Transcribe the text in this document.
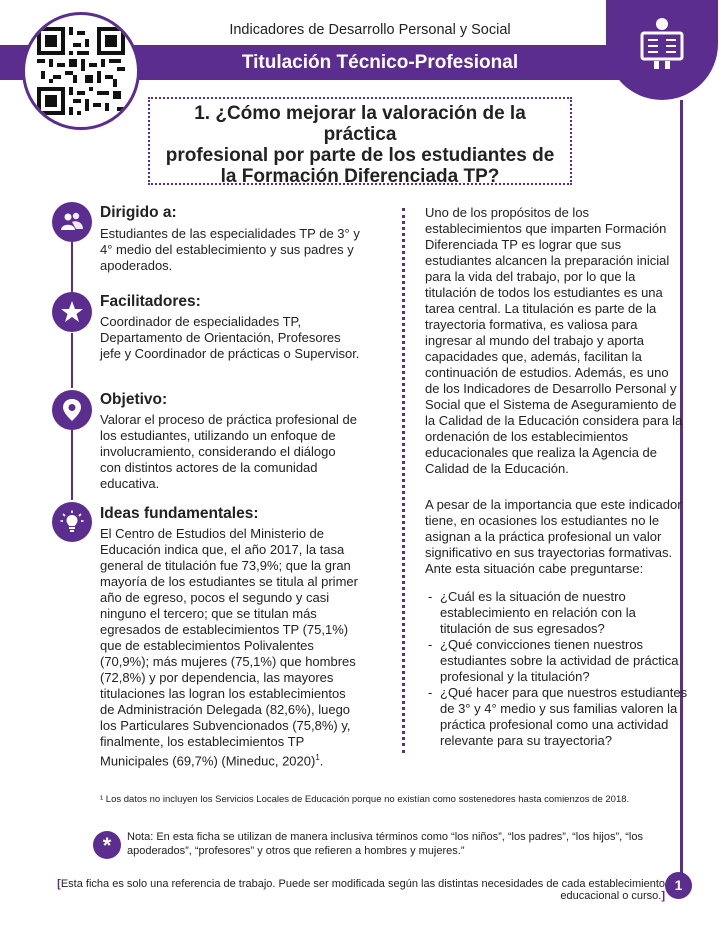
Indicadores de Desarrollo Personal y Social
Titulación Técnico-Profesional
1. ¿Cómo mejorar la valoración de la práctica
profesional por parte de los estudiantes de
la Formación Diferenciada TP?
Dirigido a:
Estudiantes de las especialidades TP de 3° y 4° medio del establecimiento y sus padres y apoderados.
Facilitadores:
Coordinador de especialidades TP, Departamento de Orientación, Profesores jefe y Coordinador de prácticas o Supervisor.
Objetivo:
Valorar el proceso de práctica profesional de los estudiantes, utilizando un enfoque de involucramiento, considerando el diálogo con distintos actores de la comunidad educativa.
Ideas fundamentales:
El Centro de Estudios del Ministerio de Educación indica que, el año 2017, la tasa general de titulación fue 73,9%; que la gran mayoría de los estudiantes se titula al primer año de egreso, pocos el segundo y casi ninguno el tercero; que se titulan más egresados de establecimientos TP (75,1%) que de establecimientos Polivalentes (70,9%); más mujeres (75,1%) que hombres (72,8%) y por dependencia, las mayores titulaciones las logran los establecimientos de Administración Delegada (82,6%), luego los Particulares Subvencionados (75,8%) y, finalmente, los establecimientos TP Municipales (69,7%) (Mineduc, 2020)$^1$.
Uno de los propósitos de los establecimientos que imparten Formación Diferenciada TP es lograr que sus estudiantes alcancen la preparación inicial para la vida del trabajo, por lo que la titulación de todos los estudiantes es una tarea central. La titulación es parte de la trayectoria formativa, es valiosa para ingresar al mundo del trabajo y aporta capacidades que, además, facilitan la continuación de estudios. Además, es uno de los Indicadores de Desarrollo Personal y Social que el Sistema de Aseguramiento de la Calidad de la Educación considera para la ordenación de los establecimientos educacionales que realiza la Agencia de Calidad de la Educación.
A pesar de la importancia que este indicador tiene, en ocasiones los estudiantes no le asignan a la práctica profesional un valor significativo en sus trayectorias formativas. Ante esta situación cabe preguntarse:
- ¿Cuál es la situación de nuestro establecimiento en relación con la titulación de sus egresados?
- ¿Qué convicciones tienen nuestros estudiantes sobre la actividad de práctica profesional y la titulación?
- ¿Qué hacer para que nuestros estudiantes de 3° y 4° medio y sus familias valoren la práctica profesional como una actividad relevante para su trayectoria?
¹ Los datos no incluyen los Servicios Locales de Educación porque no existían como sostenedores hasta comienzos de 2018.
*	Nota: En esta ficha se utilizan de manera inclusiva términos como “los niños”, “los padres”, “los hijos”, “los apoderados”, “profesores” y otros que refieren a hombres y mujeres.”
[Esta ficha es solo una referencia de trabajo. Puede ser modificada según las distintas necesidades de cada establecimiento educacional o curso.]
1
